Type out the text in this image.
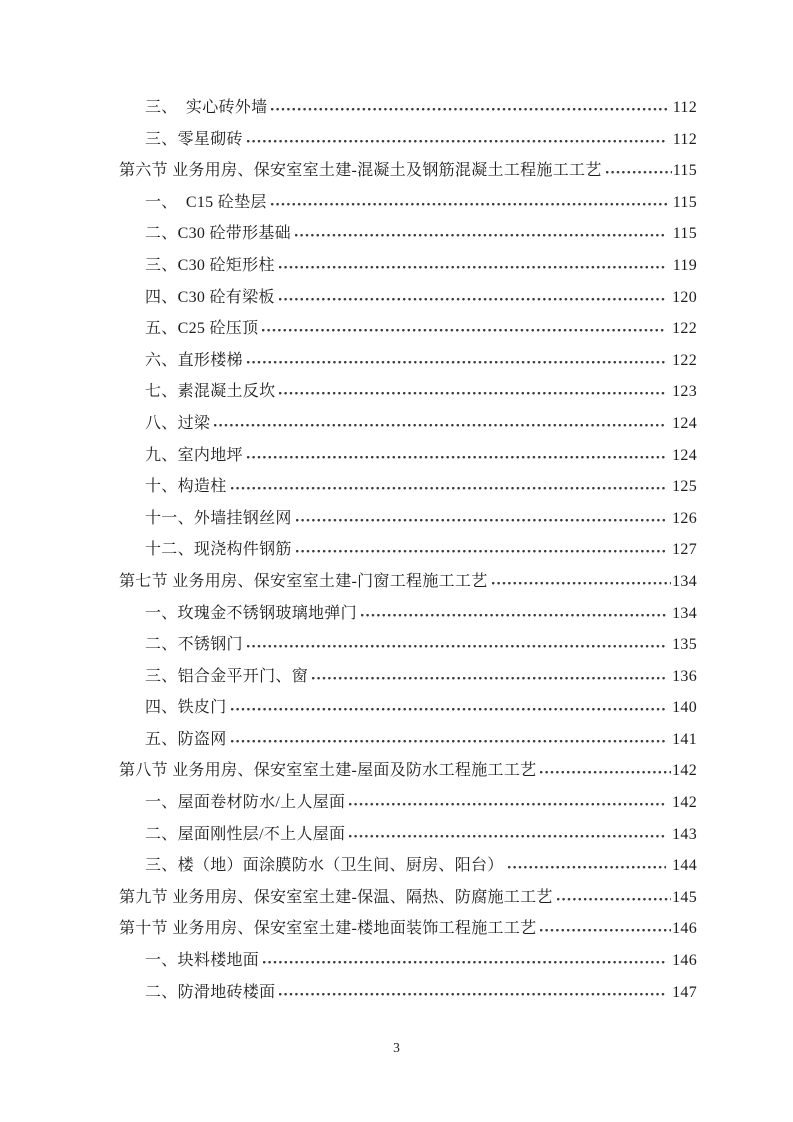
三、　实心砖外墙	112
三、零星砌砖	112
第六节 业务用房、保安室室土建-混凝土及钢筋混凝土工程施工工艺	115
一、　C15 砼垫层	115
二、C30 砼带形基础	115
三、C30 砼矩形柱	119
四、C30 砼有梁板	120
五、C25 砼压顶	122
六、直形楼梯	122
七、素混凝土反坎	123
八、过梁	124
九、室内地坪	124
十、构造柱	125
十一、外墙挂钢丝网	126
十二、现浇构件钢筋	127
第七节 业务用房、保安室室土建-门窗工程施工工艺	134
一、玫瑰金不锈钢玻璃地弹门	134
二、不锈钢门	135
三、铝合金平开门、窗	136
四、铁皮门	140
五、防盗网	141
第八节 业务用房、保安室室土建-屋面及防水工程施工工艺	142
一、屋面卷材防水/上人屋面	142
二、屋面刚性层/不上人屋面	143
三、楼（地）面涂膜防水（卫生间、厨房、阳台）	144
第九节 业务用房、保安室室土建-保温、隔热、防腐施工工艺	145
第十节 业务用房、保安室室土建-楼地面装饰工程施工工艺	146
一、块料楼地面	146
二、防滑地砖楼面	147
3
